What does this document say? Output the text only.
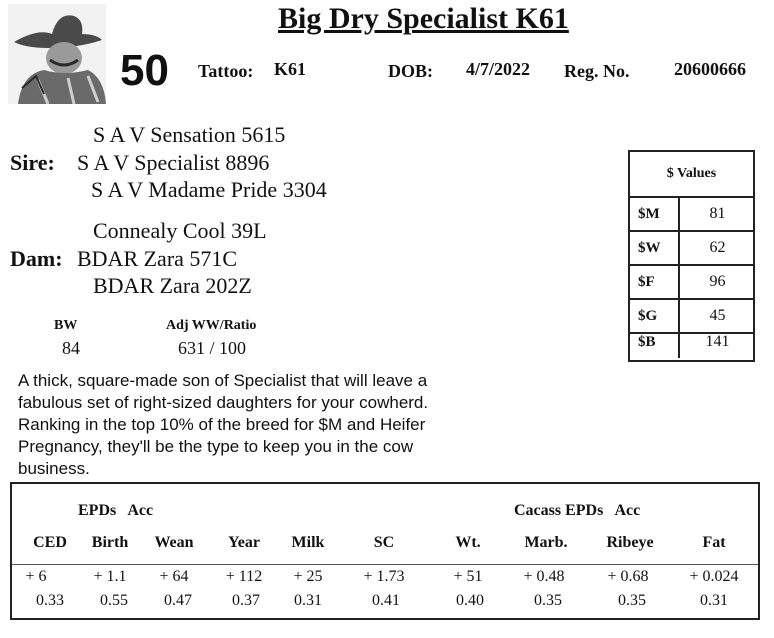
Big Dry Specialist K61
50 Tattoo: K61	DOB: 4/7/2022 Reg. No. 20600666
S A V Sensation 5615
Sire: S A V Specialist 8896
S A V Madame Pride 3304
Connealy Cool 39L
Dam: BDAR Zara 571C
BDAR Zara 202Z
BW
84
Adj WW/Ratio
631 / 100
A thick, square-made son of Specialist that will leave a fabulous set of right-sized daughters for your cowherd. Ranking in the top 10% of the breed for $M and Heifer Pregnancy, they'll be the type to keep you in the cow business.
$ Values
$M	81
$W	62
$F	96
$G	45
$B	141
EPDs   Acc	Cacass EPDs   Acc
CED Birth Wean Year Milk	SC	Wt.	Marb. Ribeye	Fat
+ 6	+ 1.1 + 64 + 112 + 25	+ 1.73	+ 51	+ 0.48	+ 0.68	+ 0.024
0.33 0.55 0.47	0.37 0.31	0.41	0.40	0.35	0.35	0.31
